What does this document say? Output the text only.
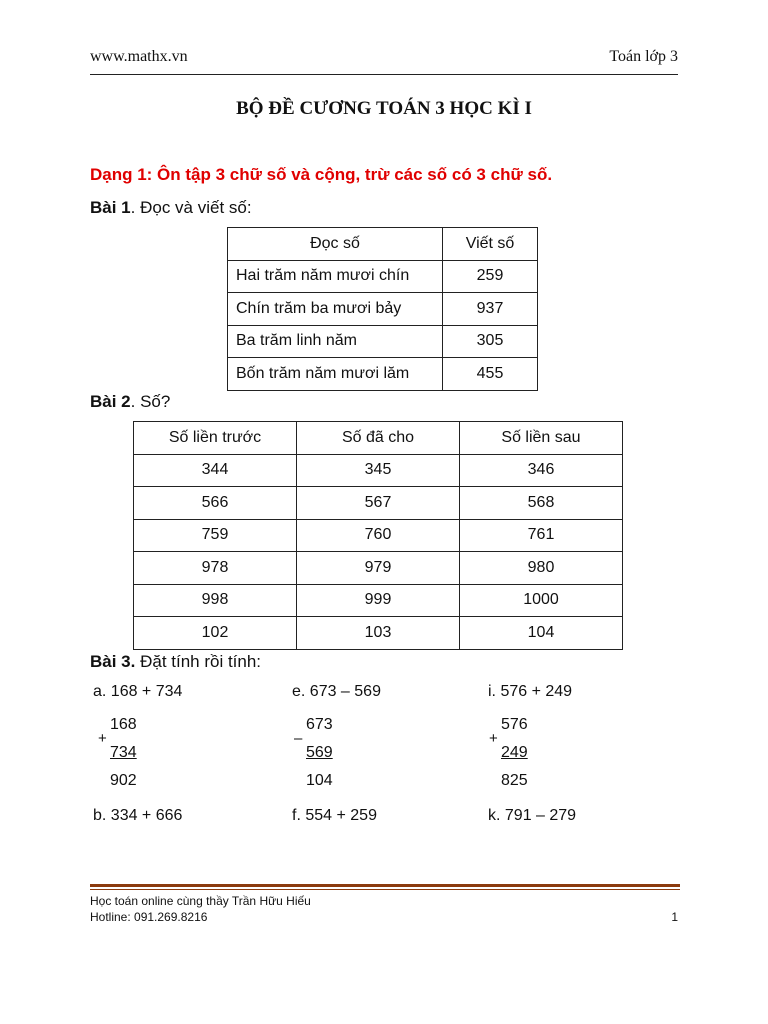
www.mathx.vn	Toán lớp 3
BỘ ĐỀ CƯƠNG TOÁN 3 HỌC KÌ I
Dạng 1: Ôn tập 3 chữ số và cộng, trừ các số có 3 chữ số.
Bài 1. Đọc và viết số:
Đọc số	Viết số
Hai trăm năm mươi chín	259
Chín trăm ba mươi bảy	937
Ba trăm linh năm	305
Bốn trăm năm mươi lăm	455
Bài 2. Số?
Số liền trước	Số đã cho	Số liền sau
344	345	346
566	567	568
759	760	761
978	979	980
998	999	1000
102	103	104
Bài 3. Đặt tính rồi tính:
a. 168 + 734	e. 673 – 569	i. 576 + 249
168
+
734
902
673
–
569
104
576
+
249
825
b. 334 + 666	f. 554 + 259	k. 791 – 279
Học toán online cùng thầy Trần Hữu Hiếu
Hotline: 091.269.8216	1
